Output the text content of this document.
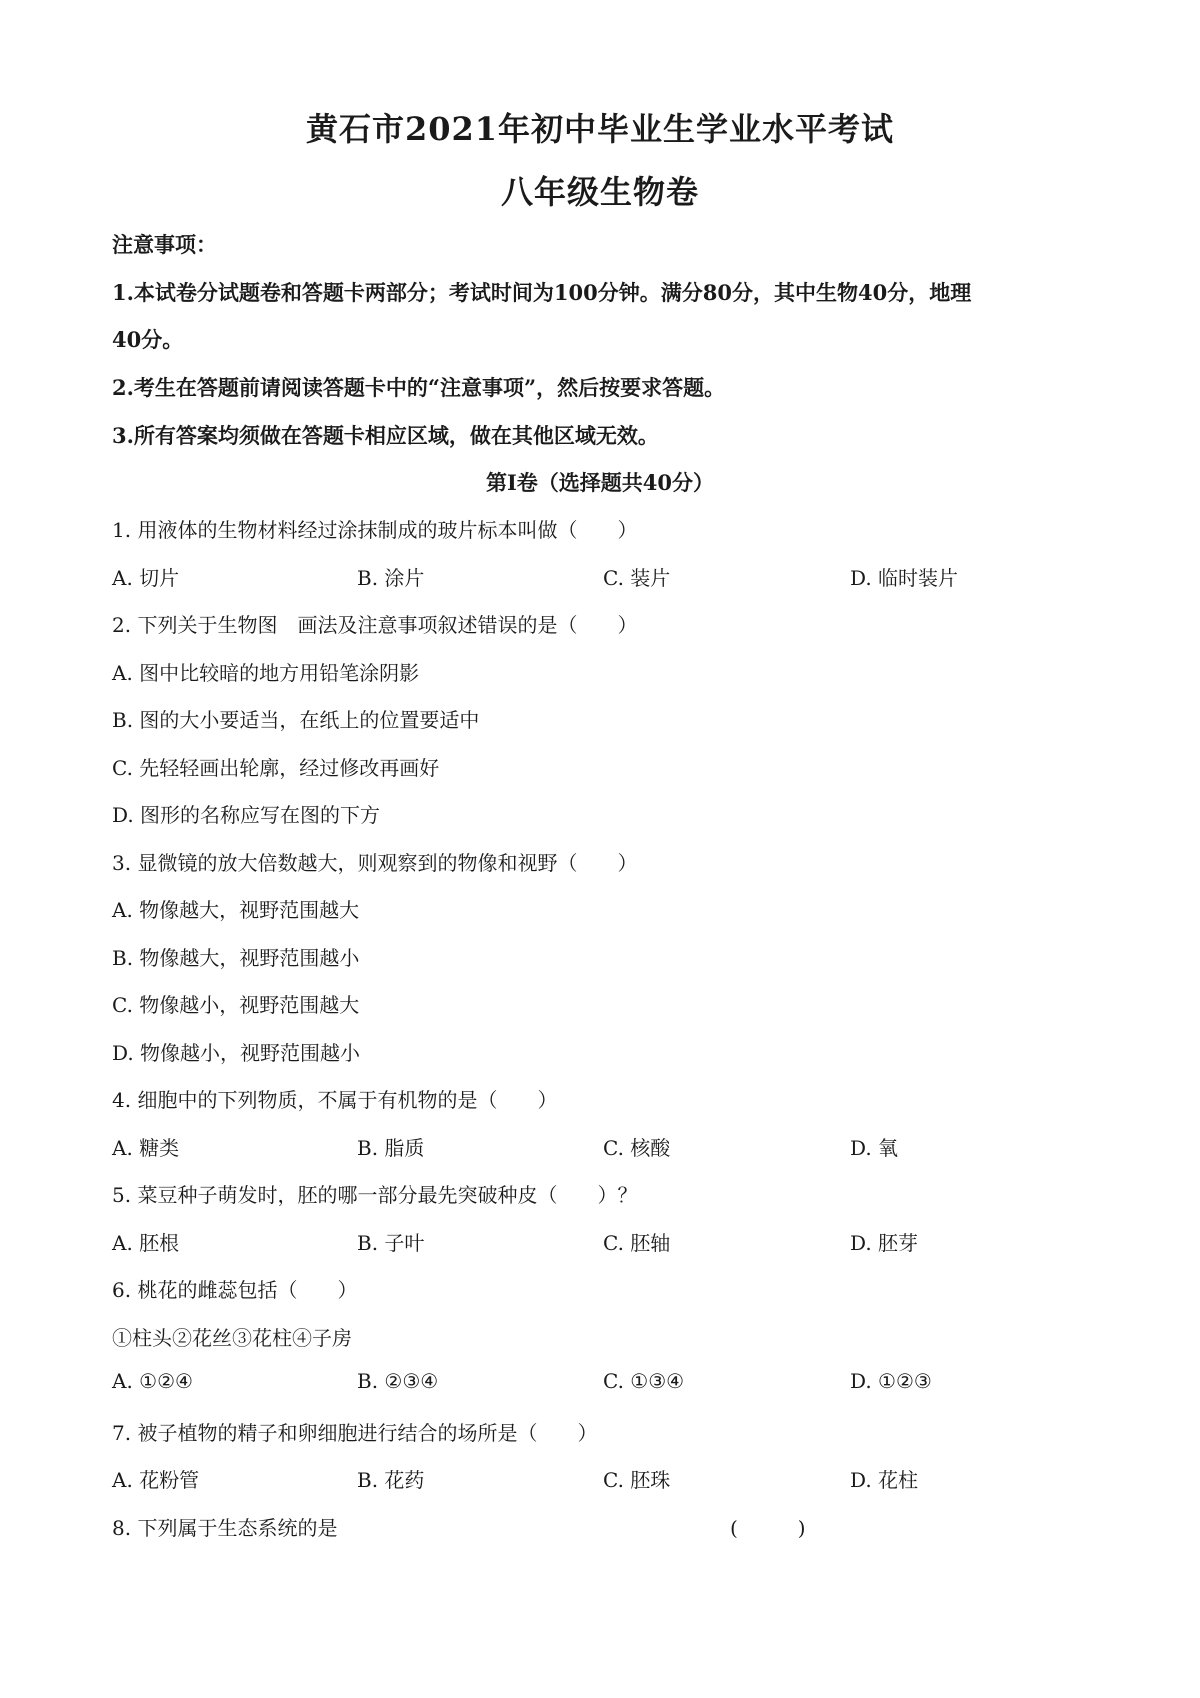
黄石市2021年初中毕业生学业水平考试
八年级生物卷
注意事项：
1.本试卷分试题卷和答题卡两部分；考试时间为100分钟。满分80分，其中生物40分，地理
40分。
2.考生在答题前请阅读答题卡中的“注意事项”，然后按要求答题。
3.所有答案均须做在答题卡相应区域，做在其他区域无效。
第Ⅰ卷（选择题共40分）
1. 用液体的生物材料经过涂抹制成的玻片标本叫做（　　）
A. 切片	B. 涂片	C. 装片	D. 临时装片
2. 下列关于生物图　画法及注意事项叙述错误的是（　　）
A. 图中比较暗的地方用铅笔涂阴影
B. 图的大小要适当，在纸上的位置要适中
C. 先轻轻画出轮廓，经过修改再画好
D. 图形的名称应写在图的下方
3. 显微镜的放大倍数越大，则观察到的物像和视野（　　）
A. 物像越大，视野范围越大
B. 物像越大，视野范围越小
C. 物像越小，视野范围越大
D. 物像越小，视野范围越小
4. 细胞中的下列物质，不属于有机物的是（　　）
A. 糖类	B. 脂质	C. 核酸	D. 氧
5. 菜豆种子萌发时，胚的哪一部分最先突破种皮（　　）？
A. 胚根	B. 子叶	C. 胚轴	D. 胚芽
6. 桃花的雌蕊包括（　　）
①柱头②花丝③花柱④子房
A. ①②④	B. ②③④	C. ①③④	D. ①②③
7. 被子植物的精子和卵细胞进行结合的场所是（　　）
A. 花粉管	B. 花药	C. 胚珠	D. 花柱
8. 下列属于生态系统的是	(　　　)
